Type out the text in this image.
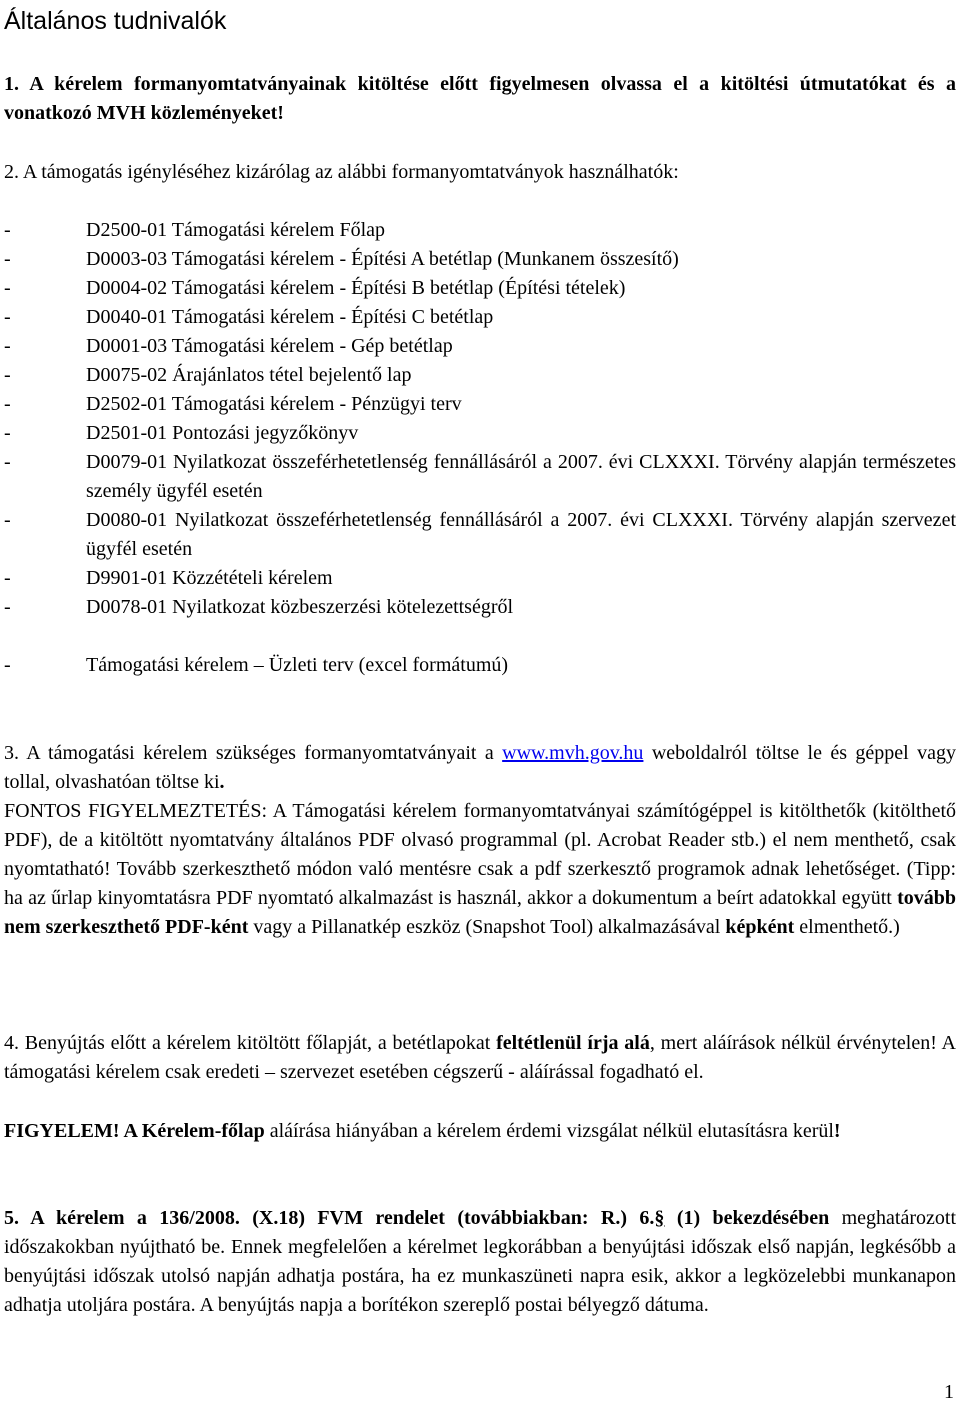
Általános tudnivalók

1. A kérelem formanyomtatványainak kitöltése előtt figyelmesen olvassa el a kitöltési útmutatókat és a vonatkozó MVH közleményeket!

2. A támogatás igényléséhez kizárólag az alábbi formanyomtatványok használhatók:

-	D2500-01 Támogatási kérelem Főlap
-	D0003-03 Támogatási kérelem - Építési A betétlap (Munkanem összesítő)
-	D0004-02 Támogatási kérelem - Építési B betétlap (Építési tételek)
-	D0040-01 Támogatási kérelem - Építési C betétlap
-	D0001-03 Támogatási kérelem - Gép betétlap
-	D0075-02 Árajánlatos tétel bejelentő lap
-	D2502-01 Támogatási kérelem - Pénzügyi terv
-	D2501-01 Pontozási jegyzőkönyv
-	D0079-01 Nyilatkozat összeférhetetlenség fennállásáról a 2007. évi CLXXXI. Törvény alapján természetes személy ügyfél esetén
-	D0080-01 Nyilatkozat összeférhetetlenség fennállásáról a 2007. évi CLXXXI. Törvény alapján szervezet ügyfél esetén
-	D9901-01 Közzétételi kérelem
-	D0078-01 Nyilatkozat közbeszerzési kötelezettségről
-	Támogatási kérelem – Üzleti terv (excel formátumú)

3. A támogatási kérelem szükséges formanyomtatványait a www.mvh.gov.hu weboldalról töltse le és géppel vagy tollal, olvashatóan töltse ki.

FONTOS FIGYELMEZTETÉS: A Támogatási kérelem formanyomtatványai számítógéppel is kitölthetők (kitölthető PDF), de a kitöltött nyomtatvány általános PDF olvasó programmal (pl. Acrobat Reader stb.) el nem menthető, csak nyomtatható! Tovább szerkeszthető módon való mentésre csak a pdf szerkesztő programok adnak lehetőséget. (Tipp: ha az űrlap kinyomtatásra PDF nyomtató alkalmazást is használ, akkor a dokumentum a beírt adatokkal együtt tovább nem szerkeszthető PDF-ként vagy a Pillanatkép eszköz (Snapshot Tool) alkalmazásával képként elmenthető.)

4. Benyújtás előtt a kérelem kitöltött főlapját, a betétlapokat feltétlenül írja alá, mert aláírások nélkül érvénytelen! A támogatási kérelem csak eredeti – szervezet esetében cégszerű - aláírással fogadható el.

FIGYELEM! A Kérelem-főlap aláírása hiányában a kérelem érdemi vizsgálat nélkül elutasításra kerül!

5. A kérelem a 136/2008. (X.18) FVM rendelet (továbbiakban: R.) 6.§ (1) bekezdésében meghatározott időszakokban nyújtható be. Ennek megfelelően a kérelmet legkorábban a benyújtási időszak első napján, legkésőbb a benyújtási időszak utolsó napján adhatja postára, ha ez munkaszüneti napra esik, akkor a legközelebbi munkanapon adhatja utoljára postára. A benyújtás napja a borítékon szereplő postai bélyegző dátuma.

1
